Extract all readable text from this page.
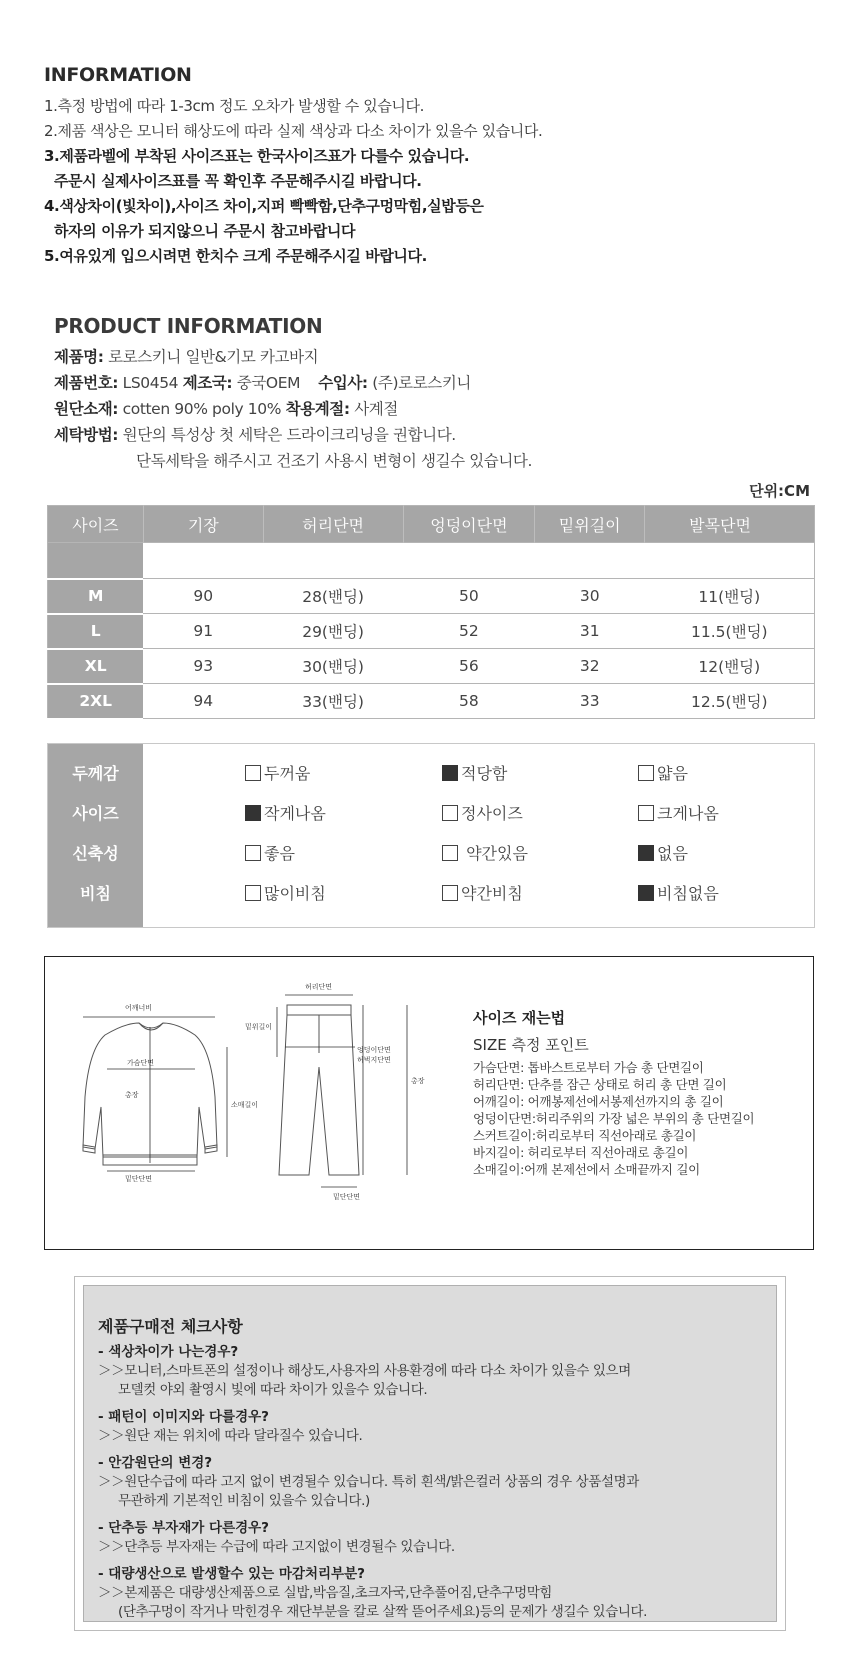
INFORMATION
1.측정 방법에 따라 1-3cm 정도 오차가 발생할 수 있습니다.
2.제품 색상은 모니터 해상도에 따라 실제 색상과 다소 차이가 있을수 있습니다.
3.제품라벨에 부착된 사이즈표는 한국사이즈표가 다를수 있습니다.
주문시 실제사이즈표를 꼭 확인후 주문해주시길 바랍니다.
4.색상차이(빛차이),사이즈 차이,지퍼 빡빡함,단추구멍막힘,실밥등은
하자의 이유가 되지않으니 주문시 참고바랍니다
5.여유있게 입으시려면 한치수 크게 주문해주시길 바랍니다.
PRODUCT INFORMATION
제품명: 로로스키니 일반&기모 카고바지
제품번호: LS0454 제조국: 중국OEM 수입사: (주)로로스키니
원단소재: cotten 90% poly 10% 착용계절: 사계절
세탁방법: 원단의 특성상 첫 세탁은 드라이크리닝을 권합니다.
단독세탁을 해주시고 건조기 사용시 변형이 생길수 있습니다.
단위:CM
사이즈	기장	허리단면	엉덩이단면	밑위길이	발목단면

M	90	28(밴딩)	50	30	11(밴딩)
L	91	29(밴딩)	52	31	11.5(밴딩)
XL	93	30(밴딩)	56	32	12(밴딩)
2XL	94	33(밴딩)	58	33	12.5(밴딩)
두께감	두꺼움	적당함	얇음
사이즈	작게나옴	정사이즈	크게나옴
신축성	좋음	약간있음	없음
비침	많이비침	약간비침	비침없음
어깨너비
가슴단면
총장
소매길이
밑단단면
허리단면
밑위길이
엉덩이단면
허벅지단면
총장
밑단단면
사이즈 재는법
SIZE 측정 포인트
가슴단면: 톱바스트로부터 가슴 총 단면길이
허리단면: 단추를 잠근 상태로 허리 총 단면 길이
어깨길이: 어깨봉제선에서봉제선까지의 총 길이
엉덩이단면:허리주위의 가장 넓은 부위의 총 단면길이
스커트길이:허리로부터 직선아래로 총길이
바지길이: 허리로부터 직선아래로 총길이
소매길이:어깨 본제선에서 소매끝까지 길이
제품구매전 체크사항
- 색상차이가 나는경우?
＞＞모니터,스마트폰의 설정이나 해상도,사용자의 사용환경에 따라 다소 차이가 있을수 있으며
모델컷 야외 촬영시 빛에 따라 차이가 있을수 있습니다.
- 패턴이 이미지와 다를경우?
＞＞원단 재는 위치에 따라 달라질수 있습니다.
- 안감원단의 변경?
＞＞원단수급에 따라 고지 없이 변경될수 있습니다. 특히 흰색/밝은컬러 상품의 경우 상품설명과
무관하게 기본적인 비침이 있을수 있습니다.)
- 단추등 부자재가 다른경우?
＞＞단추등 부자재는 수급에 따라 고지없이 변경될수 있습니다.
- 대량생산으로 발생할수 있는 마감처리부분?
＞＞본제품은 대량생산제품으로 실밥,박음질,초크자국,단추풀어짐,단추구멍막힘
(단추구멍이 작거나 막힌경우 재단부분을 칼로 살짝 뜯어주세요)등의 문제가 생길수 있습니다.
